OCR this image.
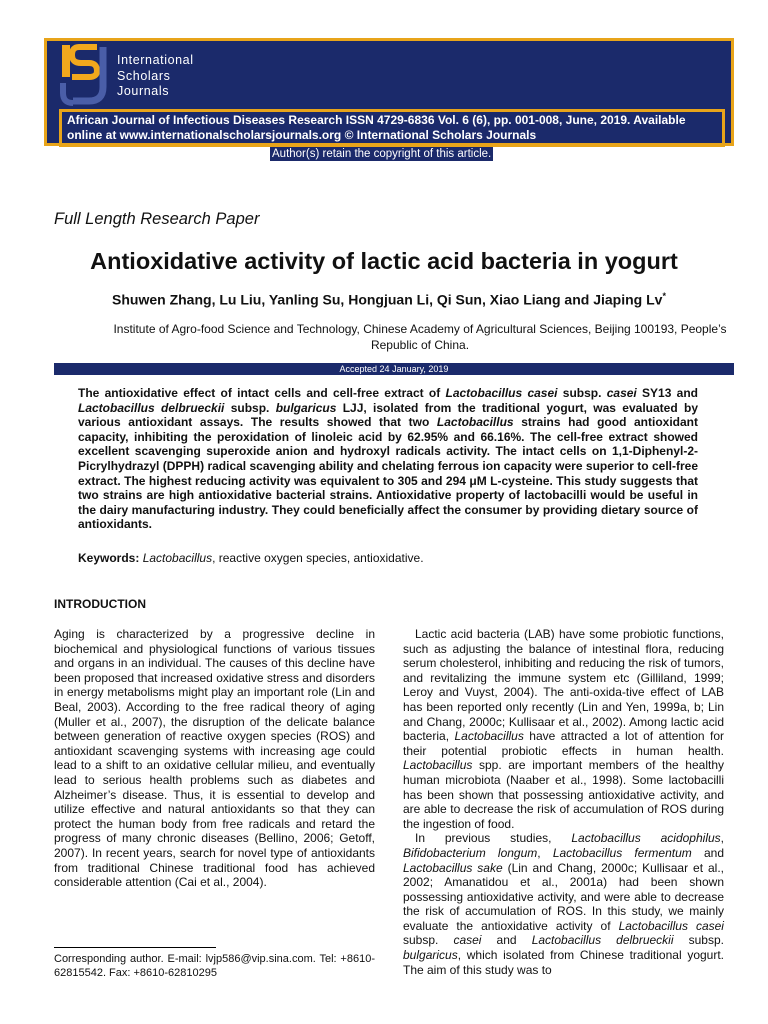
International
Scholars
Journals
African Journal of Infectious Diseases Research ISSN 4729-6836 Vol. 6 (6), pp. 001-008, June, 2019. Available online at www.internationalscholarsjournals.org © International Scholars Journals
Author(s) retain the copyright of this article.
Full Length Research Paper
Antioxidative activity of lactic acid bacteria in yogurt
Shuwen Zhang, Lu Liu, Yanling Su, Hongjuan Li, Qi Sun, Xiao Liang and Jiaping Lv*
Institute of Agro-food Science and Technology, Chinese Academy of Agricultural Sciences, Beijing 100193, People’s Republic of China.
Accepted 24 January, 2019
The antioxidative effect of intact cells and cell-free extract of Lactobacillus casei subsp. casei SY13 and Lactobacillus delbrueckii subsp. bulgaricus LJJ, isolated from the traditional yogurt, was evaluated by various antioxidant assays. The results showed that two Lactobacillus strains had good antioxidant capacity, inhibiting the peroxidation of linoleic acid by 62.95% and 66.16%. The cell-free extract showed excellent scavenging superoxide anion and hydroxyl radicals activity. The intact cells on 1,1-Diphenyl-2-Picrylhydrazyl (DPPH) radical scavenging ability and chelating ferrous ion capacity were superior to cell-free extract. The highest reducing activity was equivalent to 305 and 294 μM L-cysteine. This study suggests that two strains are high antioxidative bacterial strains. Antioxidative property of lactobacilli would be useful in the dairy manufacturing industry. They could beneficially affect the consumer by providing dietary source of antioxidants.
Keywords: Lactobacillus, reactive oxygen species, antioxidative.
INTRODUCTION

Aging is characterized by a progressive decline in biochemical and physiological functions of various tissues and organs in an individual. The causes of this decline have been proposed that increased oxidative stress and disorders in energy metabolisms might play an important role (Lin and Beal, 2003). According to the free radical theory of aging (Muller et al., 2007), the disruption of the delicate balance between generation of reactive oxygen species (ROS) and antioxidant scavenging systems with increasing age could lead to a shift to an oxidative cellular milieu, and eventually lead to serious health problems such as diabetes and Alzheimer’s disease. Thus, it is essential to develop and utilize effective and natural antioxidants so that they can protect the human body from free radicals and retard the progress of many chronic diseases (Bellino, 2006; Getoff, 2007). In recent years, search for novel type of antioxidants from traditional Chinese traditional food has achieved considerable attention (Cai et al., 2004).

Lactic acid bacteria (LAB) have some probiotic functions, such as adjusting the balance of intestinal flora, reducing serum cholesterol, inhibiting and reducing the risk of tumors, and revitalizing the immune system etc (Gilliland, 1999; Leroy and Vuyst, 2004). The anti-oxida-tive effect of LAB has been reported only recently (Lin and Yen, 1999a, b; Lin and Chang, 2000c; Kullisaar et al., 2002). Among lactic acid bacteria, Lactobacillus have attracted a lot of attention for their potential probiotic effects in human health. Lactobacillus spp. are important members of the healthy human microbiota (Naaber et al., 1998). Some lactobacilli has been shown that possessing antioxidative activity, and are able to decrease the risk of accumulation of ROS during the ingestion of food.

In previous studies, Lactobacillus acidophilus, Bifidobacterium longum, Lactobacillus fermentum and Lactobacillus sake (Lin and Chang, 2000c; Kullisaar et al., 2002; Amanatidou et al., 2001a) had been shown possessing antioxidative activity, and were able to decrease the risk of accumulation of ROS. In this study, we mainly evaluate the antioxidative activity of Lactobacillus casei subsp. casei and Lactobacillus delbrueckii subsp. bulgaricus, which isolated from Chinese traditional yogurt. The aim of this study was to

Corresponding author. E-mail: lvjp586@vip.sina.com. Tel: +8610-62815542. Fax: +8610-62810295
